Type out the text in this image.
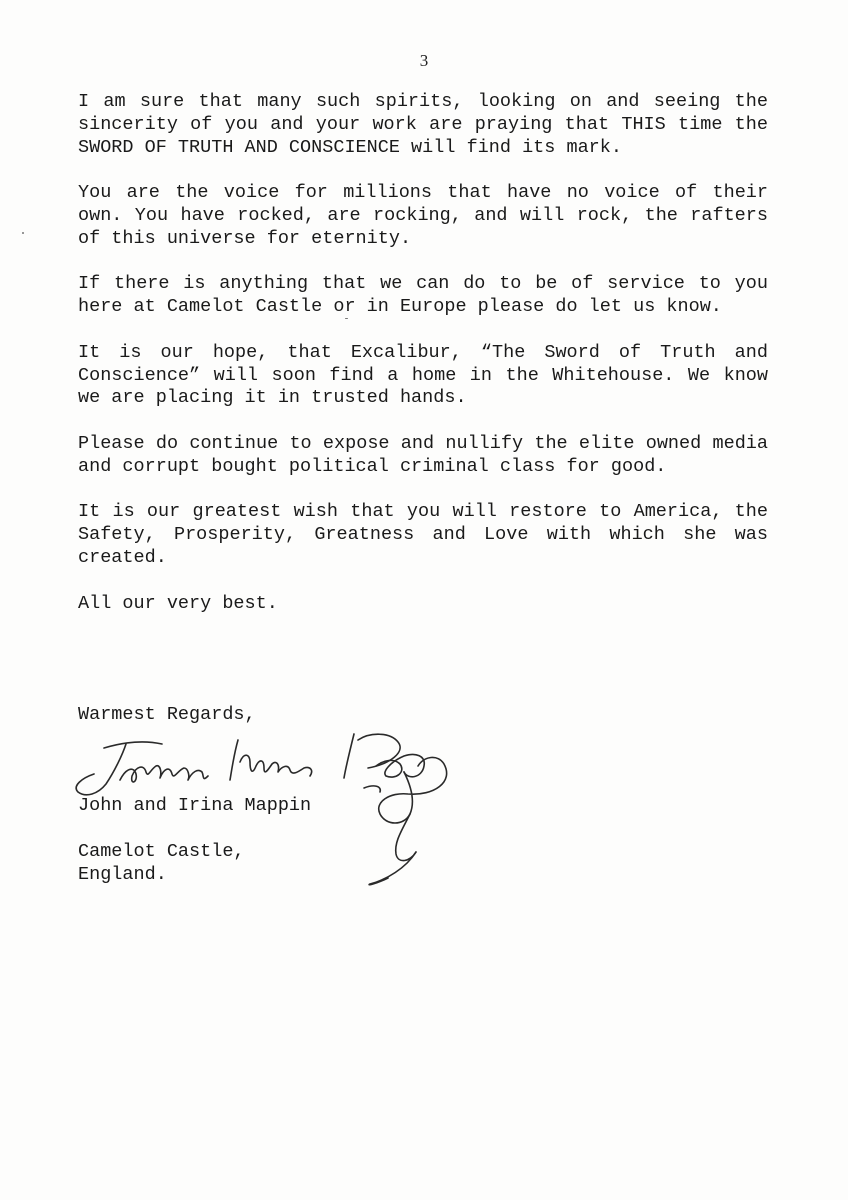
3

I am sure that many such spirits, looking on and seeing the sincerity of you and your work are praying that THIS time the SWORD OF TRUTH AND CONSCIENCE will find its mark.

You are the voice for millions that have no voice of their own. You have rocked, are rocking, and will rock, the rafters of this universe for eternity.

If there is anything that we can do to be of service to you here at Camelot Castle or in Europe please do let us know.

It is our hope, that Excalibur, “The Sword of Truth and Conscience” will soon find a home in the Whitehouse. We know we are placing it in trusted hands.

Please do continue to expose and nullify the elite owned media and corrupt bought political criminal class for good.

It is our greatest wish that you will restore to America, the Safety, Prosperity, Greatness and Love with which she was created.

All our very best.

Warmest Regards,

John and Irina Mappin

Camelot Castle,

England.
